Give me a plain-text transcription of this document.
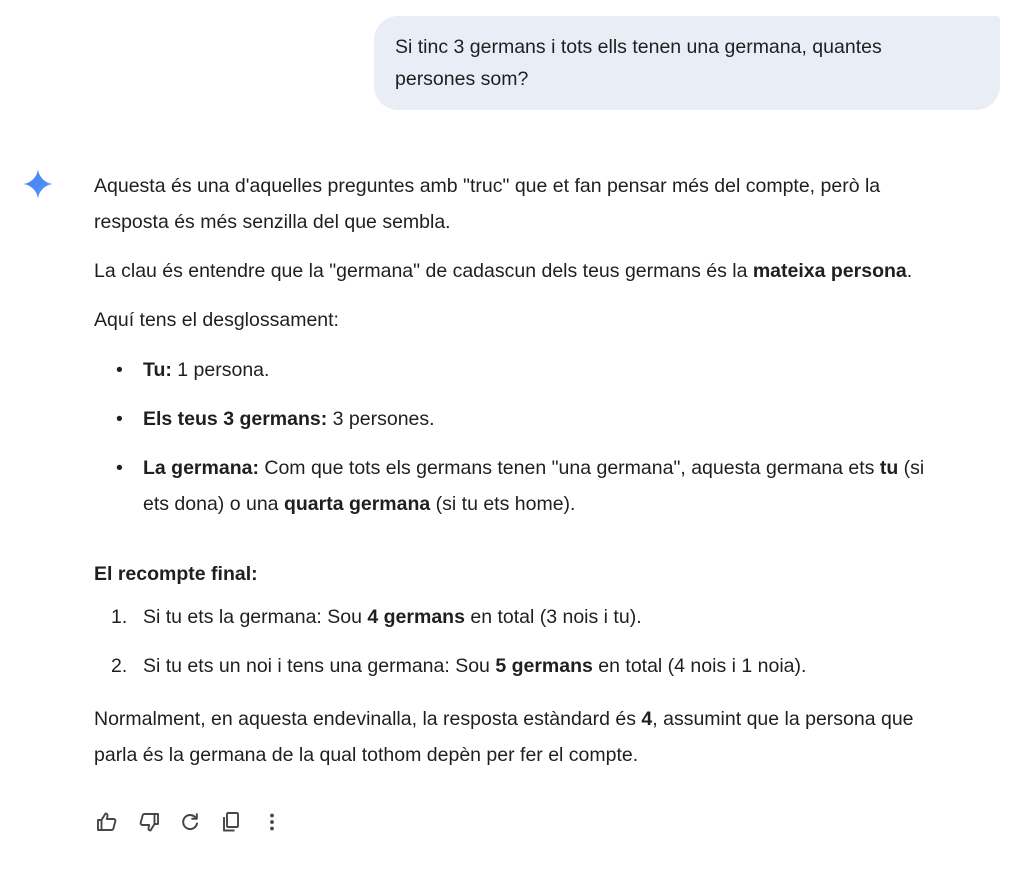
Si tinc 3 germans i tots ells tenen una germana, quantes
persones som?

Aquesta és una d'aquelles preguntes amb "truc" que et fan pensar més del compte, però la
resposta és més senzilla del que sembla.

La clau és entendre que la "germana" de cadascun dels teus germans és la mateixa persona.

Aquí tens el desglossament:

• Tu: 1 persona.
• Els teus 3 germans: 3 persones.
• La germana: Com que tots els germans tenen "una germana", aquesta germana ets tu (si
ets dona) o una quarta germana (si tu ets home).

El recompte final:

1. Si tu ets la germana: Sou 4 germans en total (3 nois i tu).
2. Si tu ets un noi i tens una germana: Sou 5 germans en total (4 nois i 1 noia).

Normalment, en aquesta endevinalla, la resposta estàndard és 4, assumint que la persona que
parla és la germana de la qual tothom depèn per fer el compte.
